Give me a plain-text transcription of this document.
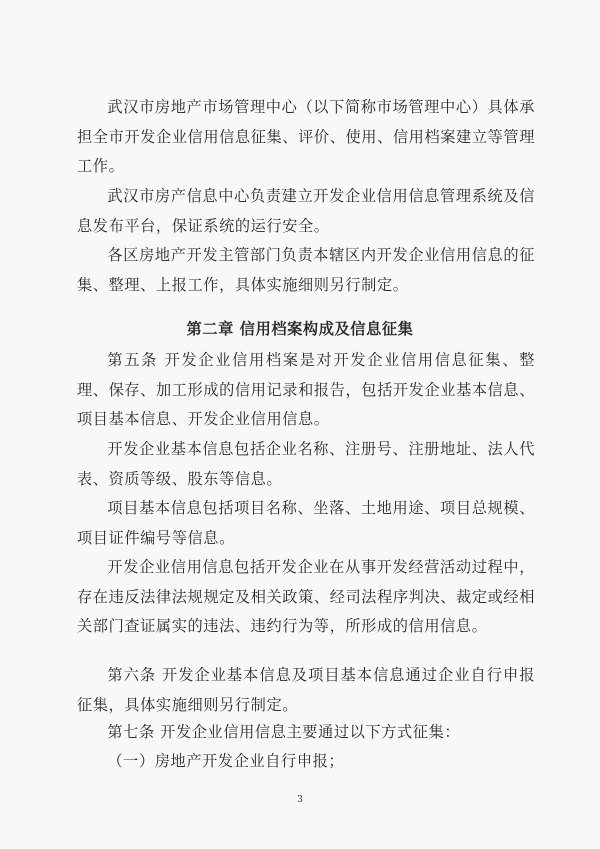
武汉市房地产市场管理中心（以下简称市场管理中心）具体承担全市开发企业信用信息征集、评价、使用、信用档案建立等管理工作。

武汉市房产信息中心负责建立开发企业信用信息管理系统及信息发布平台，保证系统的运行安全。

各区房地产开发主管部门负责本辖区内开发企业信用信息的征集、整理、上报工作，具体实施细则另行制定。

第二章 信用档案构成及信息征集

第五条 开发企业信用档案是对开发企业信用信息征集、整理、保存、加工形成的信用记录和报告，包括开发企业基本信息、项目基本信息、开发企业信用信息。

开发企业基本信息包括企业名称、注册号、注册地址、法人代表、资质等级、股东等信息。

项目基本信息包括项目名称、坐落、土地用途、项目总规模、项目证件编号等信息。

开发企业信用信息包括开发企业在从事开发经营活动过程中，存在违反法律法规规定及相关政策、经司法程序判决、裁定或经相关部门查证属实的违法、违约行为等，所形成的信用信息。

第六条 开发企业基本信息及项目基本信息通过企业自行申报征集，具体实施细则另行制定。

第七条 开发企业信用信息主要通过以下方式征集：

（一）房地产开发企业自行申报；

3
